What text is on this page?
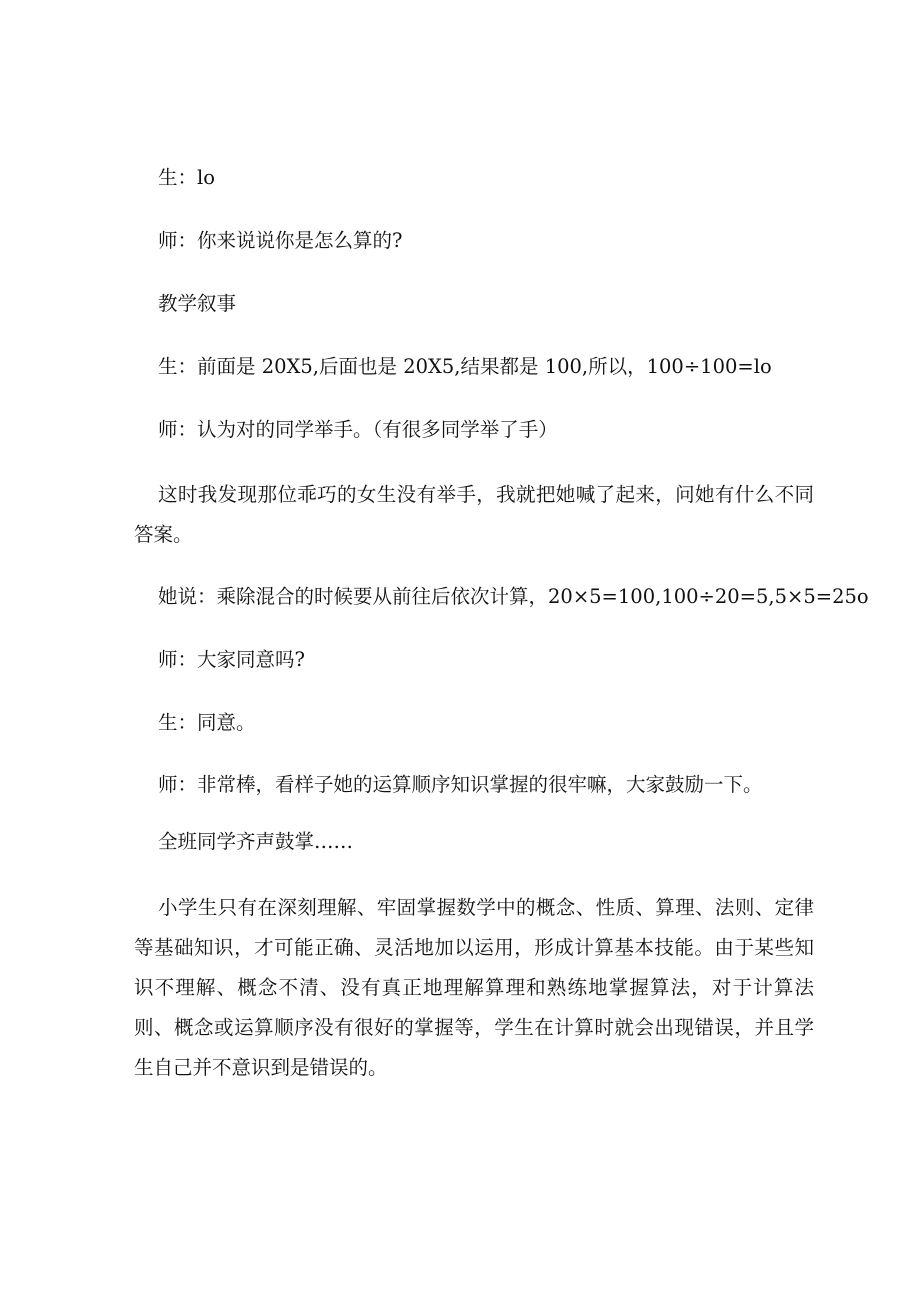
生：lo

师：你来说说你是怎么算的?

教学叙事

生：前面是 20X5,后面也是 20X5,结果都是 100,所以，100÷100=lo

师：认为对的同学举手。（有很多同学举了手）

这时我发现那位乖巧的女生没有举手，我就把她喊了起来，问她有什么不同答案。

她说：乘除混合的时候要从前往后依次计算，20×5=100,100÷20=5,5×5=25o

师：大家同意吗?

生：同意。

师：非常棒，看样子她的运算顺序知识掌握的很牢嘛，大家鼓励一下。

全班同学齐声鼓掌……

小学生只有在深刻理解、牢固掌握数学中的概念、性质、算理、法则、定律等基础知识，才可能正确、灵活地加以运用，形成计算基本技能。由于某些知识不理解、概念不清、没有真正地理解算理和熟练地掌握算法，对于计算法则、概念或运算顺序没有很好的掌握等，学生在计算时就会出现错误，并且学生自己并不意识到是错误的。
